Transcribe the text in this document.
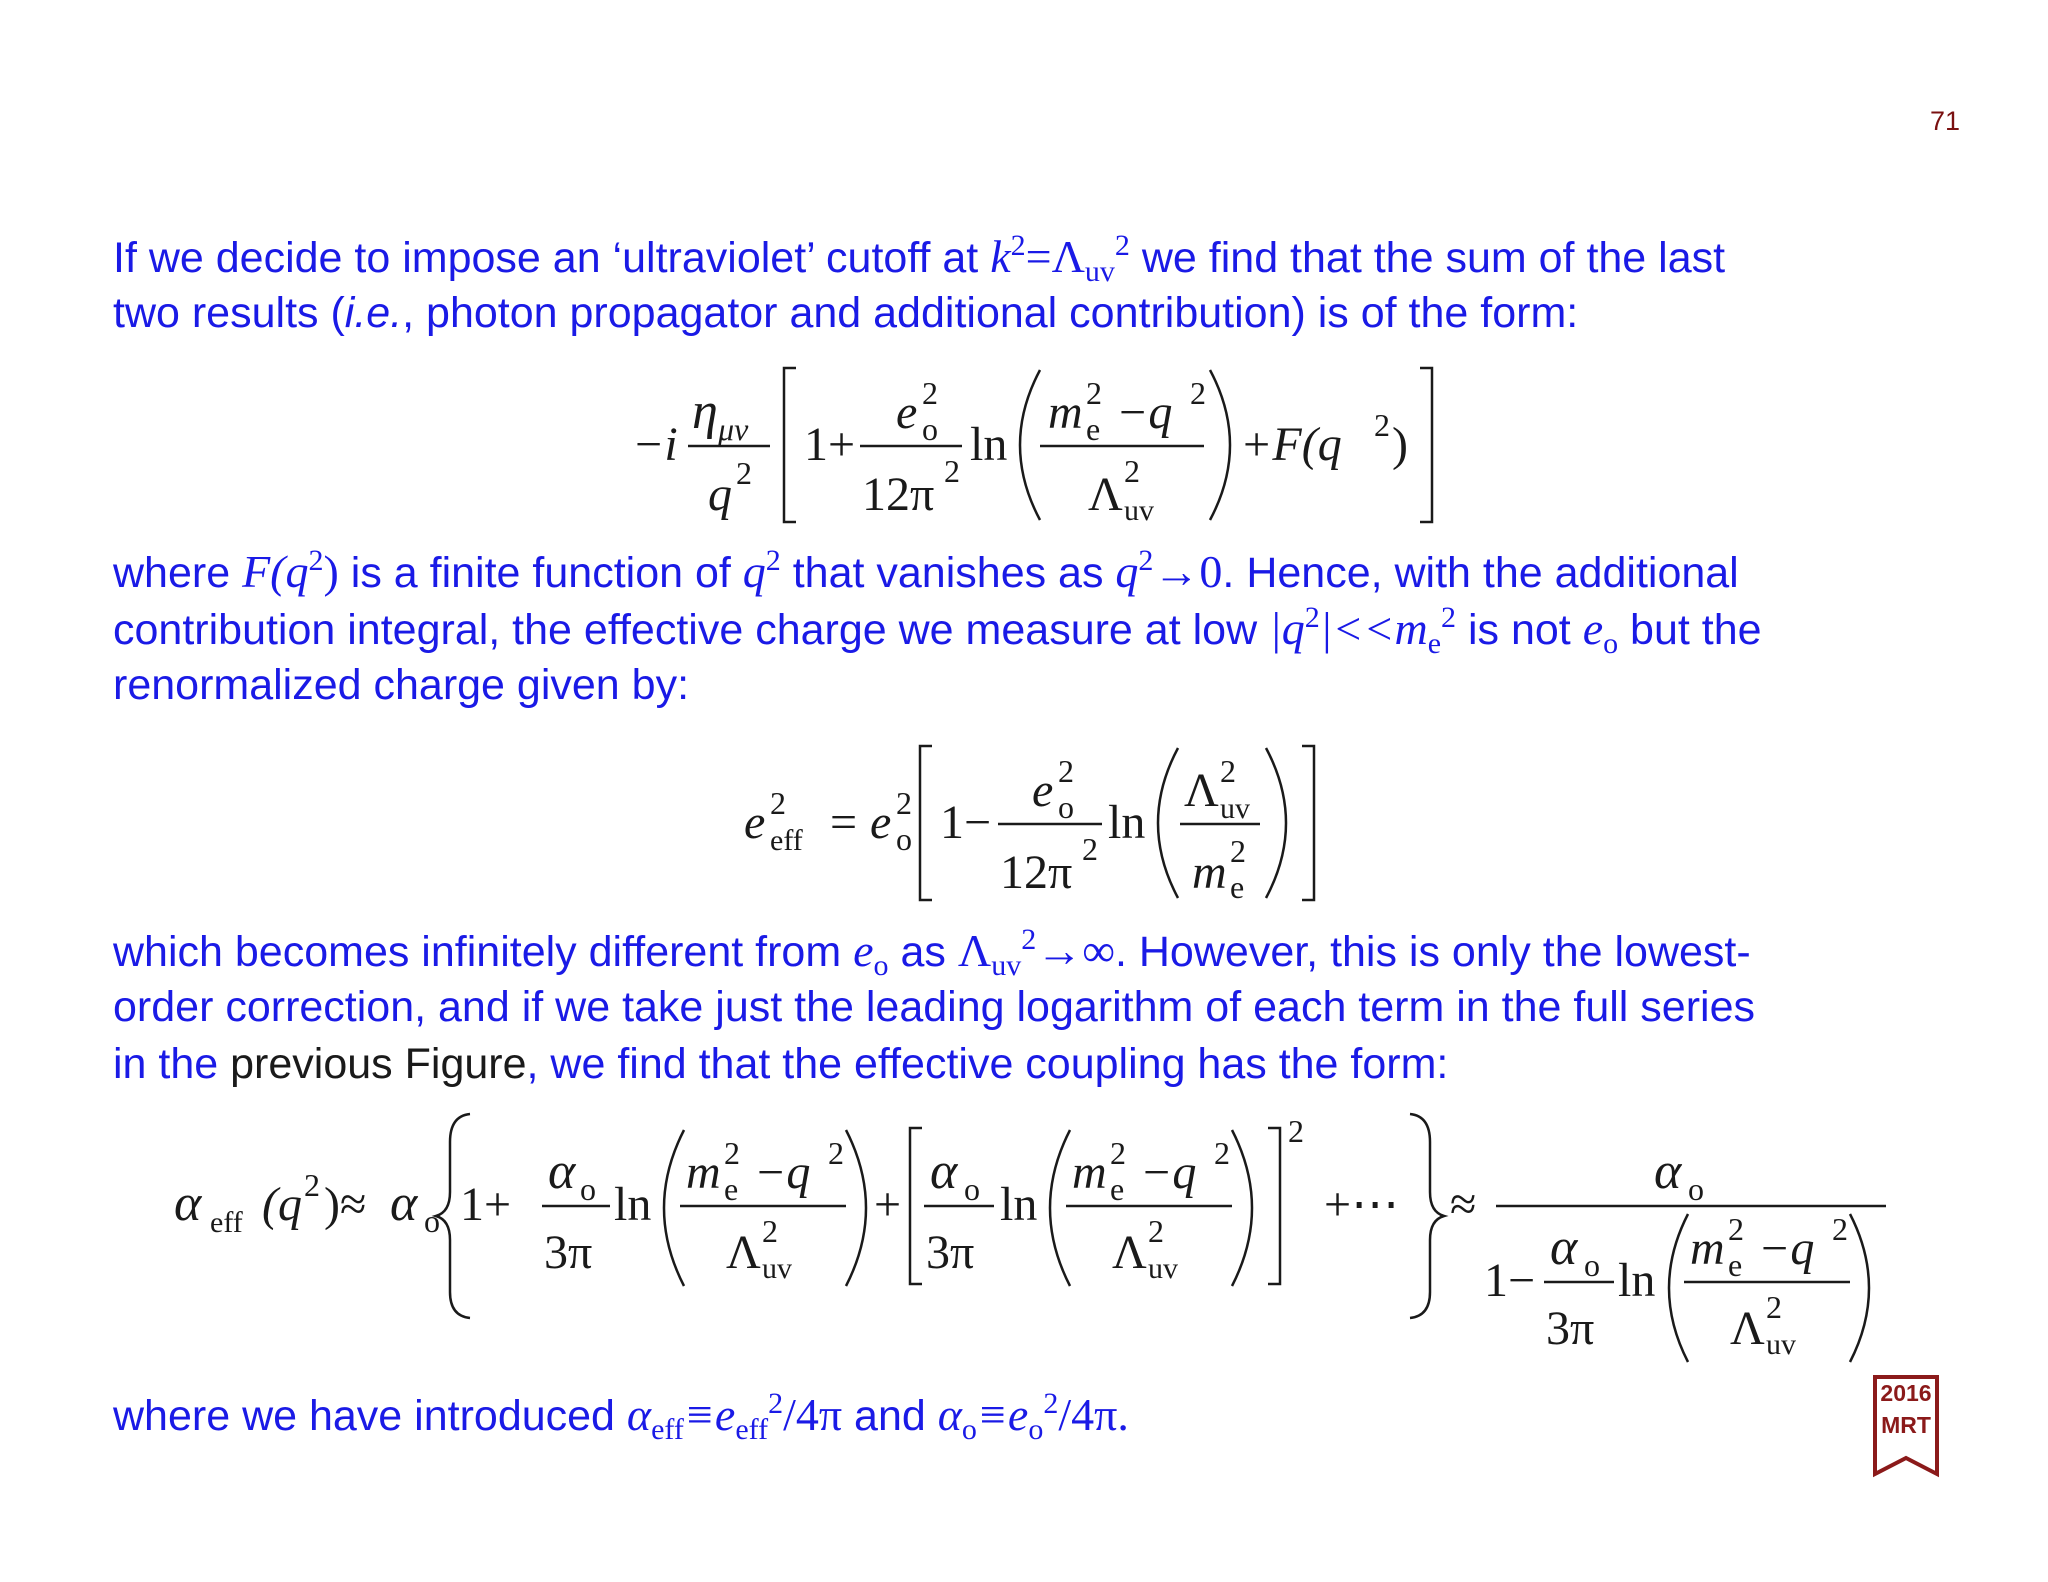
71

If we decide to impose an ‘ultraviolet’ cutoff at $k^2=\Lambda_{uv}^2$ we find that the sum of the last

two results (i.e., photon propagator and additional contribution) is of the form:

−i
η μν
q 2
1+
e 2
o
12π 2 ln
m 2
e −q 2
Λ 2
uv
+F(q 2 )

where $F(q^2)$ is a finite function of $q^2$ that vanishes as $q^2\to 0$. Hence, with the additional

contribution integral, the effective charge we measure at low $|q^2|<<m_e^2$ is not $e_o$ but the

renormalized charge given by:

e 2
eff = e 2
o 1−
e 2
o
12π 2 ln
Λ 2
uv
m 2
e

which becomes infinitely different from $e_o$ as $\Lambda_{uv}^2\to\infty$. However, this is only the lowest-

order correction, and if we take just the leading logarithm of each term in the full series

in the previous Figure, we find that the effective coupling has the form:

α eff (q 2 )≈ α o 1+
α o
3π
ln
m 2
e −q 2
Λ 2
uv
+
α o
3π
ln
m 2
e −q 2
Λ 2
uv
2
+⋯ ≈
α o
1−
α o
3π
ln
m 2
e −q 2
Λ 2
uv

where we have introduced $\alpha_{eff}\equiv e_{eff}^2/4\pi$ and $\alpha_o\equiv e_o^2/4\pi$.	2016
MRT
